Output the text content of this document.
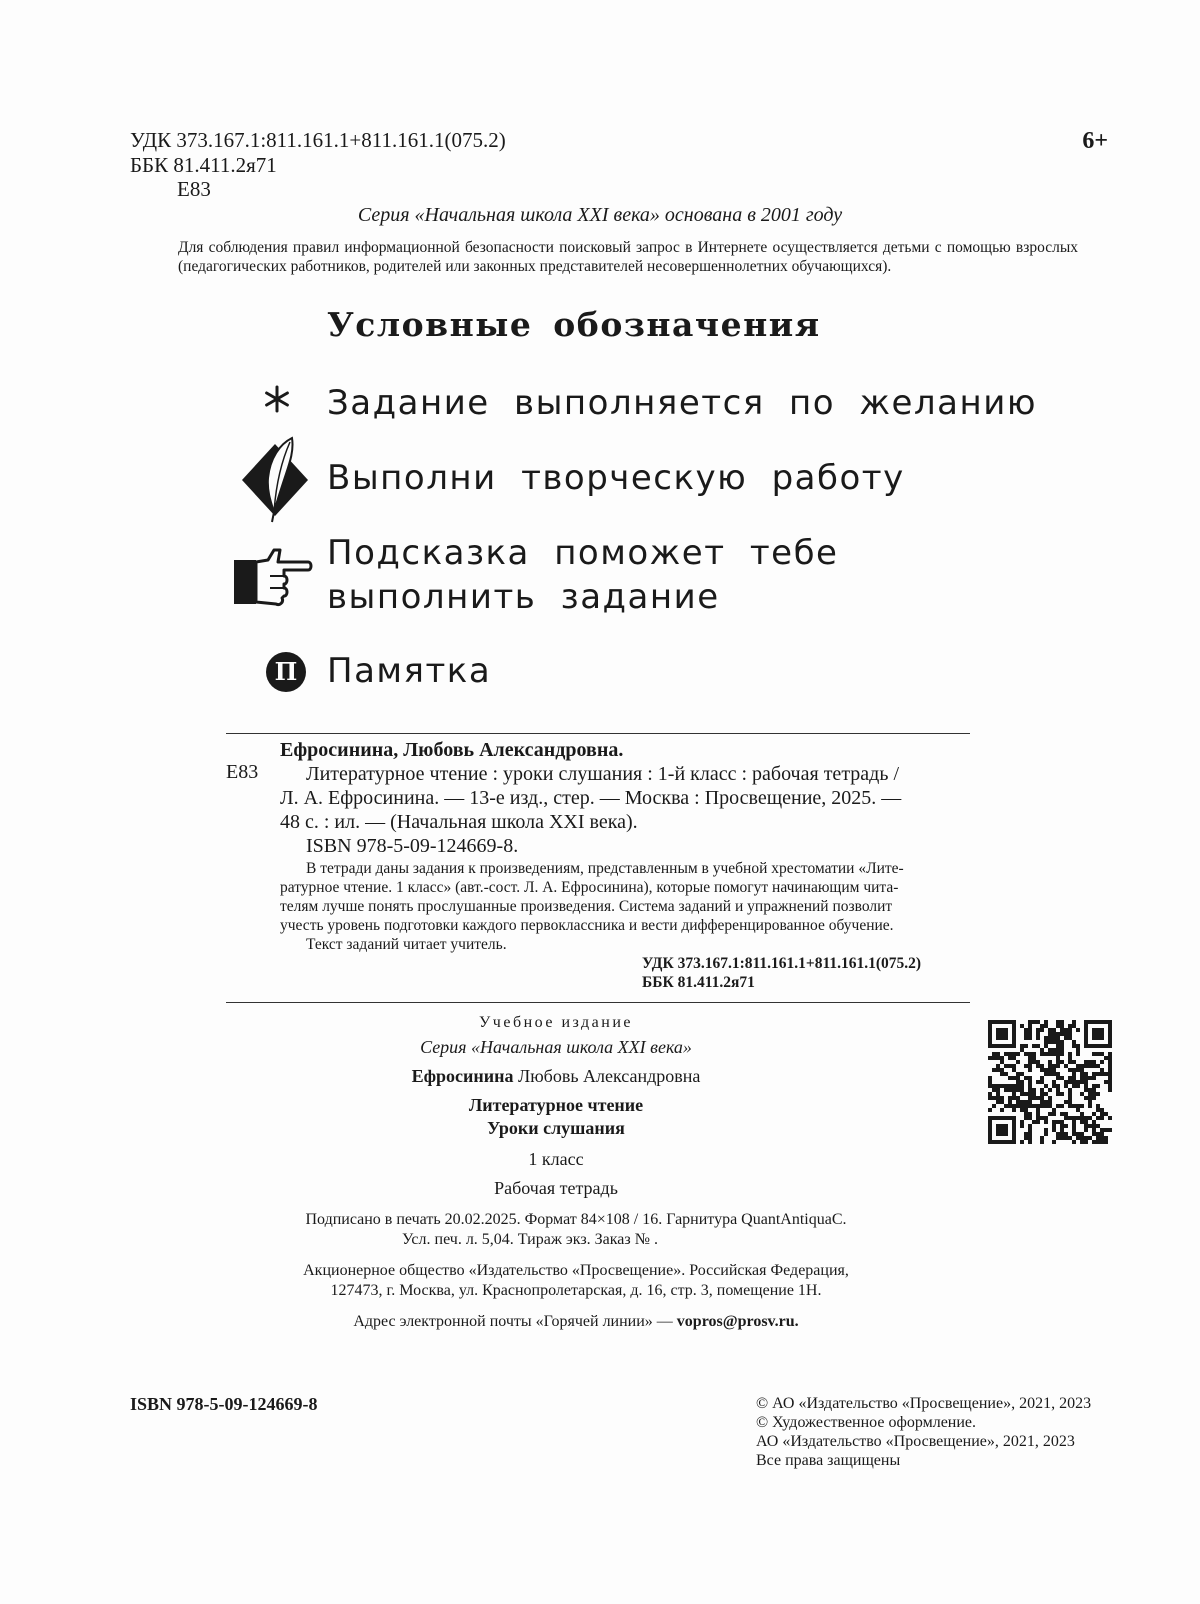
УДК 373.167.1:811.161.1+811.161.1(075.2)
ББК 81.411.2я71
Е83
6+
Серия «Начальная школа XXI века» основана в 2001 году
Для соблюдения правил информационной безопасности поисковый запрос в Интернете осуществляется детьми с помощью взрослых (педагогических работников, родителей или законных представителей несовершеннолетних обучающихся).
Условные обозначения
Задание выполняется по желанию
Выполни творческую работу
Подсказка поможет тебе
выполнить задание
П Памятка
Ефросинина, Любовь Александровна.
Е83 Литературное чтение : уроки слушания : 1-й класс : рабочая тетрадь /
Л. А. Ефросинина. — 13-е изд., стер. — Москва : Просвещение, 2025. —
48 с. : ил. — (Начальная школа XXI века).
ISBN 978-5-09-124669-8.
В тетради даны задания к произведениям, представленным в учебной хрестоматии «Лите-
ратурное чтение. 1 класс» (авт.-сост. Л. А. Ефросинина), которые помогут начинающим чита-
телям лучше понять прослушанные произведения. Система заданий и упражнений позволит
учесть уровень подготовки каждого первоклассника и вести дифференцированное обучение.
Текст заданий читает учитель.
УДК 373.167.1:811.161.1+811.161.1(075.2)
ББК 81.411.2я71
Учебное издание
Серия «Начальная школа XXI века»
Ефросинина Любовь Александровна
Литературное чтение
Уроки слушания
1 класс
Рабочая тетрадь
Подписано в печать 20.02.2025. Формат 84×108 / 16. Гарнитура QuantAntiquaC.
Усл. печ. л. 5,04. Тираж экз. Заказ № .
Акционерное общество «Издательство «Просвещение». Российская Федерация,
127473, г. Москва, ул. Краснопролетарская, д. 16, стр. 3, помещение 1Н.
Адрес электронной почты «Горячей линии» — vopros@prosv.ru.
ISBN 978-5-09-124669-8	© АО «Издательство «Просвещение», 2021, 2023
© Художественное оформление.
АО «Издательство «Просвещение», 2021, 2023
Все права защищены
